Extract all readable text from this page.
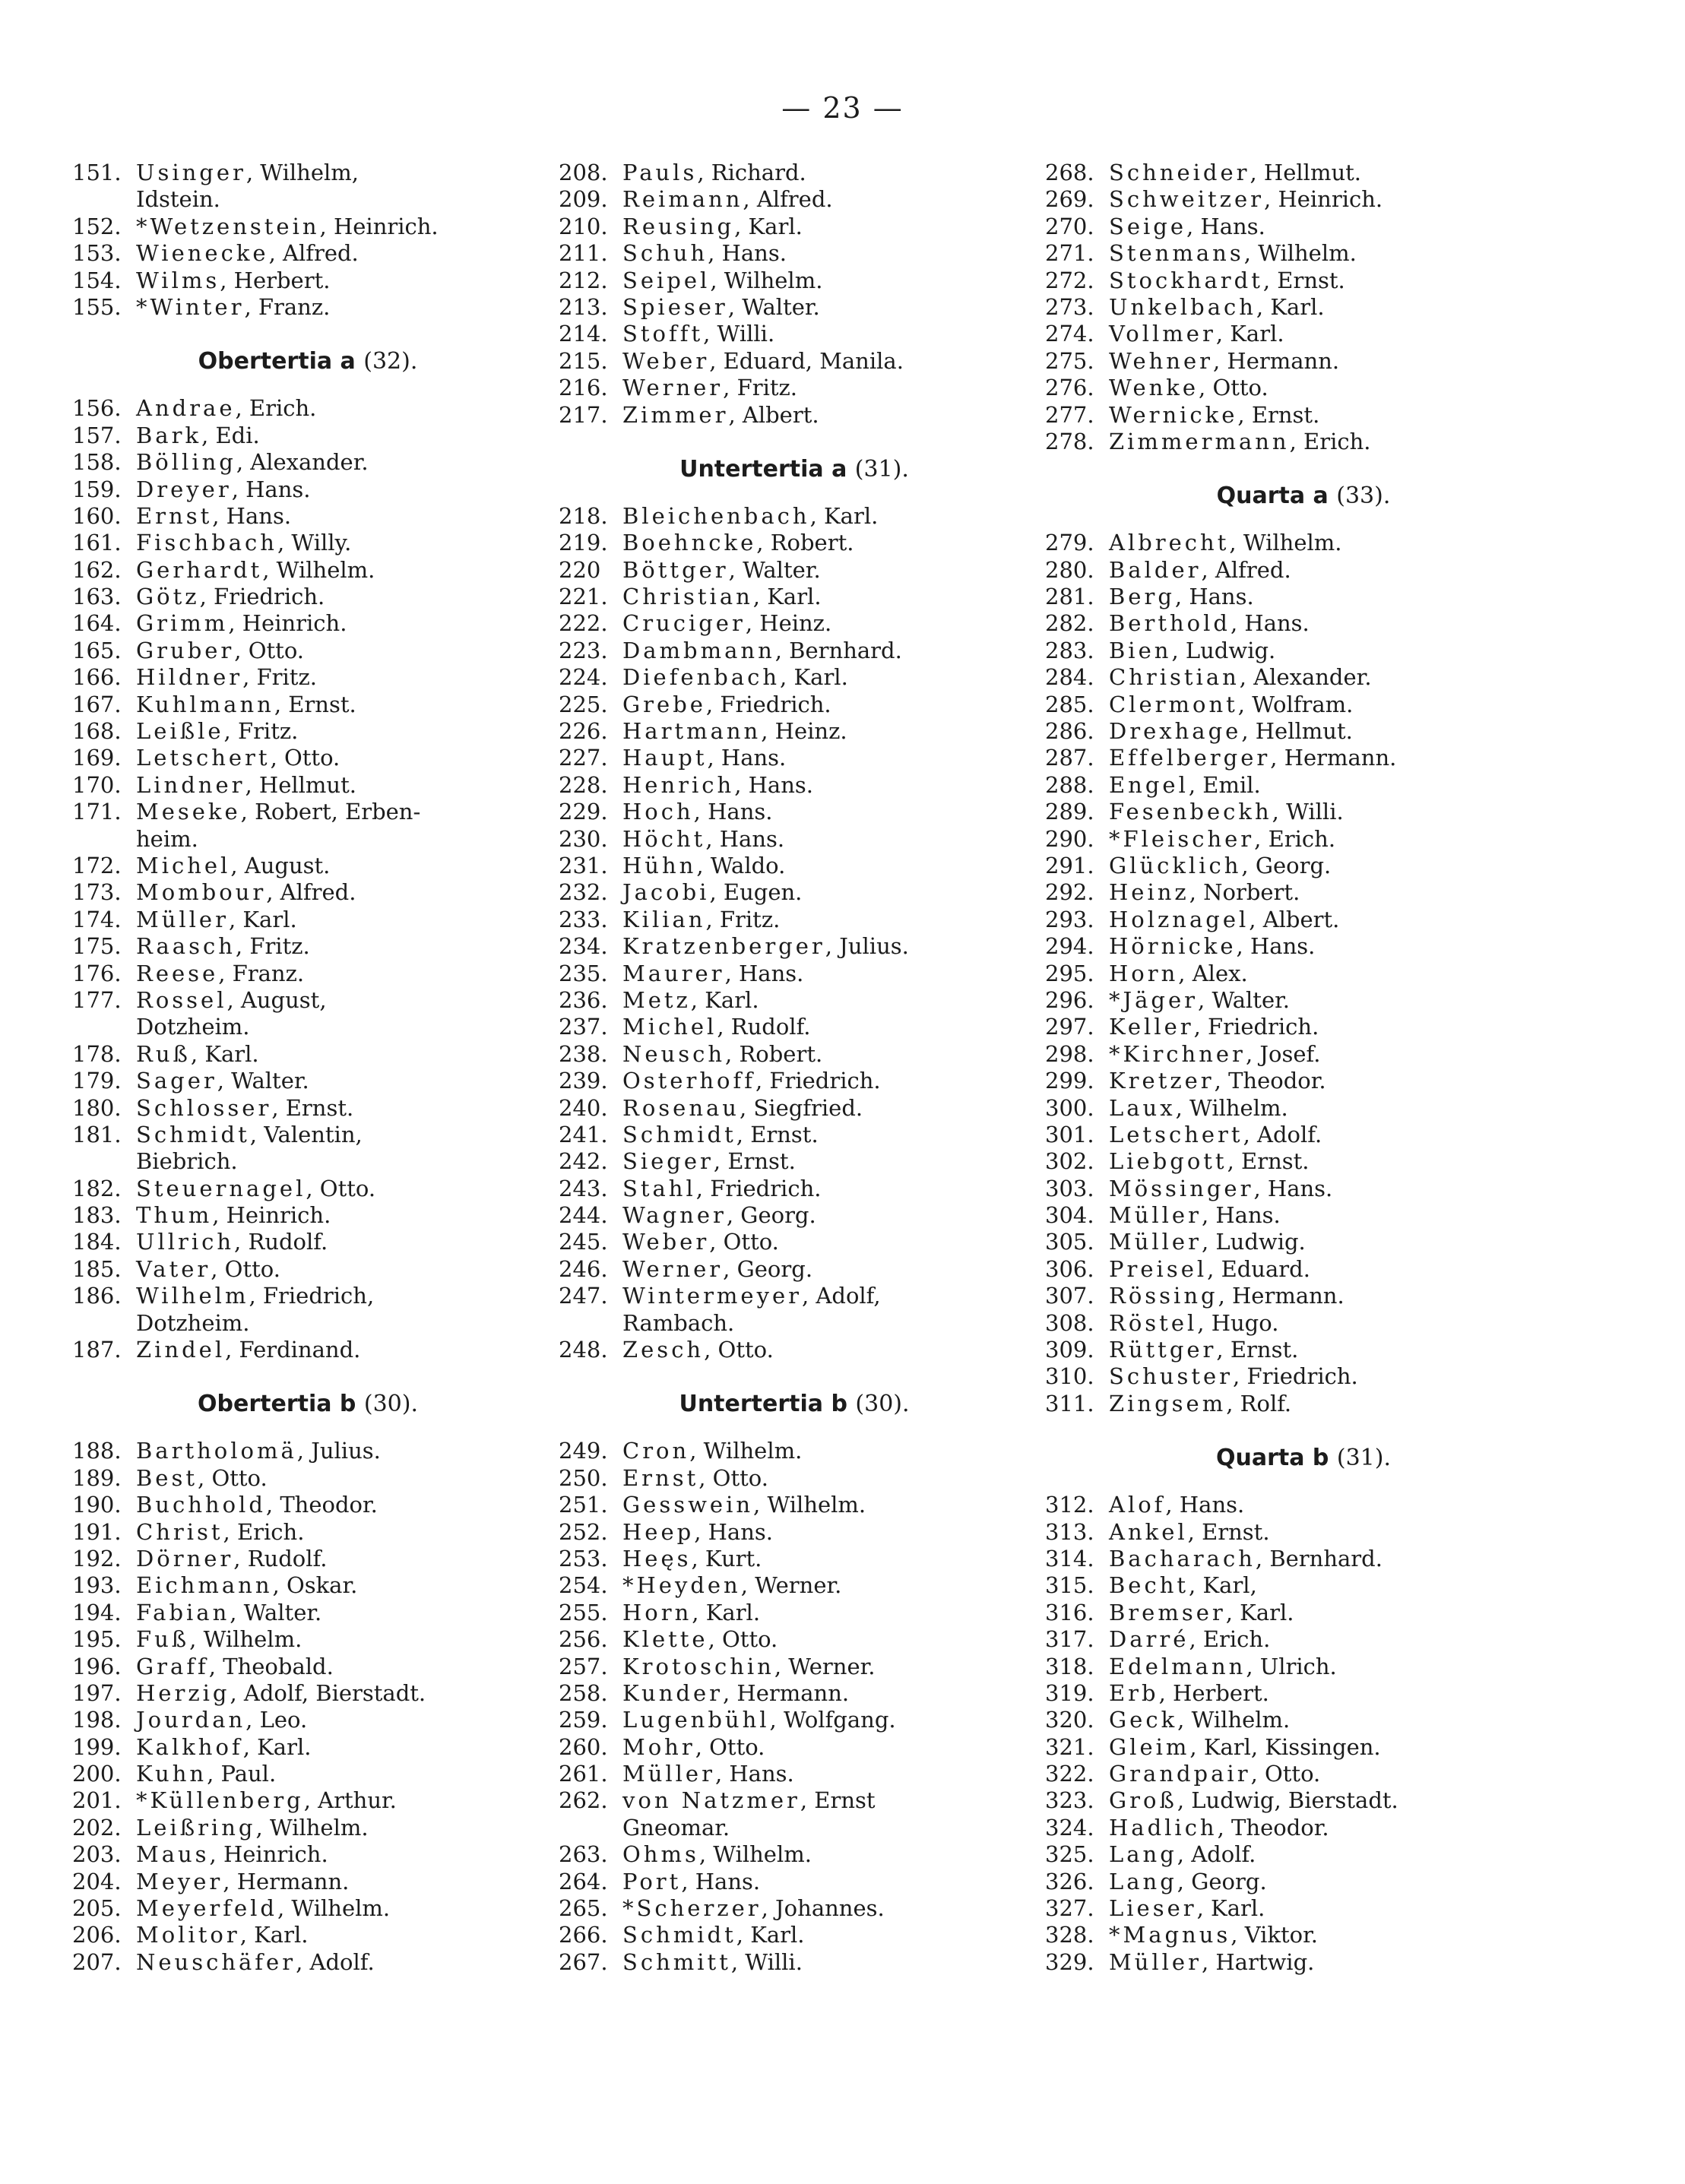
— 23 —
151. Usinger, Wilhelm,
Idstein.
152. *Wetzenstein, Heinrich.
153. Wienecke, Alfred.
154. Wilms, Herbert.
155. *Winter, Franz.
Obertertia a (32).
156. Andrae, Erich.
157. Bark, Edi.
158. Bölling, Alexander.
159. Dreyer, Hans.
160. Ernst, Hans.
161. Fischbach, Willy.
162. Gerhardt, Wilhelm.
163. Götz, Friedrich.
164. Grimm, Heinrich.
165. Gruber, Otto.
166. Hildner, Fritz.
167. Kuhlmann, Ernst.
168. Leißle, Fritz.
169. Letschert, Otto.
170. Lindner, Hellmut.
171. Meseke, Robert, Erben-
heim.
172. Michel, August.
173. Mombour, Alfred.
174. Müller, Karl.
175. Raasch, Fritz.
176. Reese, Franz.
177. Rossel, August,
Dotzheim.
178. Ruß, Karl.
179. Sager, Walter.
180. Schlosser, Ernst.
181. Schmidt, Valentin,
Biebrich.
182. Steuernagel, Otto.
183. Thum, Heinrich.
184. Ullrich, Rudolf.
185. Vater, Otto.
186. Wilhelm, Friedrich,
Dotzheim.
187. Zindel, Ferdinand.
Obertertia b (30).
188. Bartholomä, Julius.
189. Best, Otto.
190. Buchhold, Theodor.
191. Christ, Erich.
192. Dörner, Rudolf.
193. Eichmann, Oskar.
194. Fabian, Walter.
195. Fuß, Wilhelm.
196. Graff, Theobald.
197. Herzig, Adolf, Bierstadt.
198. Jourdan, Leo.
199. Kalkhof, Karl.
200. Kuhn, Paul.
201. *Küllenberg, Arthur.
202. Leißring, Wilhelm.
203. Maus, Heinrich.
204. Meyer, Hermann.
205. Meyerfeld, Wilhelm.
206. Molitor, Karl.
207. Neuschäfer, Adolf.
208. Pauls, Richard.
209. Reimann, Alfred.
210. Reusing, Karl.
211. Schuh, Hans.
212. Seipel, Wilhelm.
213. Spieser, Walter.
214. Stofft, Willi.
215. Weber, Eduard, Manila.
216. Werner, Fritz.
217. Zimmer, Albert.
Untertertia a (31).
218. Bleichenbach, Karl.
219. Boehncke, Robert.
220 Böttger, Walter.
221. Christian, Karl.
222. Cruciger, Heinz.
223. Dambmann, Bernhard.
224. Diefenbach, Karl.
225. Grebe, Friedrich.
226. Hartmann, Heinz.
227. Haupt, Hans.
228. Henrich, Hans.
229. Hoch, Hans.
230. Höcht, Hans.
231. Hühn, Waldo.
232. Jacobi, Eugen.
233. Kilian, Fritz.
234. Kratzenberger, Julius.
235. Maurer, Hans.
236. Metz, Karl.
237. Michel, Rudolf.
238. Neusch, Robert.
239. Osterhoff, Friedrich.
240. Rosenau, Siegfried.
241. Schmidt, Ernst.
242. Sieger, Ernst.
243. Stahl, Friedrich.
244. Wagner, Georg.
245. Weber, Otto.
246. Werner, Georg.
247. Wintermeyer, Adolf,
Rambach.
248. Zesch, Otto.
Untertertia b (30).
249. Cron, Wilhelm.
250. Ernst, Otto.
251. Gesswein, Wilhelm.
252. Heep, Hans.
253. Heęs, Kurt.
254. *Heyden, Werner.
255. Horn, Karl.
256. Klette, Otto.
257. Krotoschin, Werner.
258. Kunder, Hermann.
259. Lugenbühl, Wolfgang.
260. Mohr, Otto.
261. Müller, Hans.
262. von Natzmer, Ernst
Gneomar.
263. Ohms, Wilhelm.
264. Port, Hans.
265. *Scherzer, Johannes.
266. Schmidt, Karl.
267. Schmitt, Willi.
268. Schneider, Hellmut.
269. Schweitzer, Heinrich.
270. Seige, Hans.
271. Stenmans, Wilhelm.
272. Stockhardt, Ernst.
273. Unkelbach, Karl.
274. Vollmer, Karl.
275. Wehner, Hermann.
276. Wenke, Otto.
277. Wernicke, Ernst.
278. Zimmermann, Erich.
Quarta a (33).
279. Albrecht, Wilhelm.
280. Balder, Alfred.
281. Berg, Hans.
282. Berthold, Hans.
283. Bien, Ludwig.
284. Christian, Alexander.
285. Clermont, Wolfram.
286. Drexhage, Hellmut.
287. Effelberger, Hermann.
288. Engel, Emil.
289. Fesenbeckh, Willi.
290. *Fleischer, Erich.
291. Glücklich, Georg.
292. Heinz, Norbert.
293. Holznagel, Albert.
294. Hörnicke, Hans.
295. Horn, Alex.
296. *Jäger, Walter.
297. Keller, Friedrich.
298. *Kirchner, Josef.
299. Kretzer, Theodor.
300. Laux, Wilhelm.
301. Letschert, Adolf.
302. Liebgott, Ernst.
303. Mössinger, Hans.
304. Müller, Hans.
305. Müller, Ludwig.
306. Preisel, Eduard.
307. Rössing, Hermann.
308. Röstel, Hugo.
309. Rüttger, Ernst.
310. Schuster, Friedrich.
311. Zingsem, Rolf.
Quarta b (31).
312. Alof, Hans.
313. Ankel, Ernst.
314. Bacharach, Bernhard.
315. Becht, Karl,
316. Bremser, Karl.
317. Darré, Erich.
318. Edelmann, Ulrich.
319. Erb, Herbert.
320. Geck, Wilhelm.
321. Gleim, Karl, Kissingen.
322. Grandpair, Otto.
323. Groß, Ludwig, Bierstadt.
324. Hadlich, Theodor.
325. Lang, Adolf.
326. Lang, Georg.
327. Lieser, Karl.
328. *Magnus, Viktor.
329. Müller, Hartwig.
